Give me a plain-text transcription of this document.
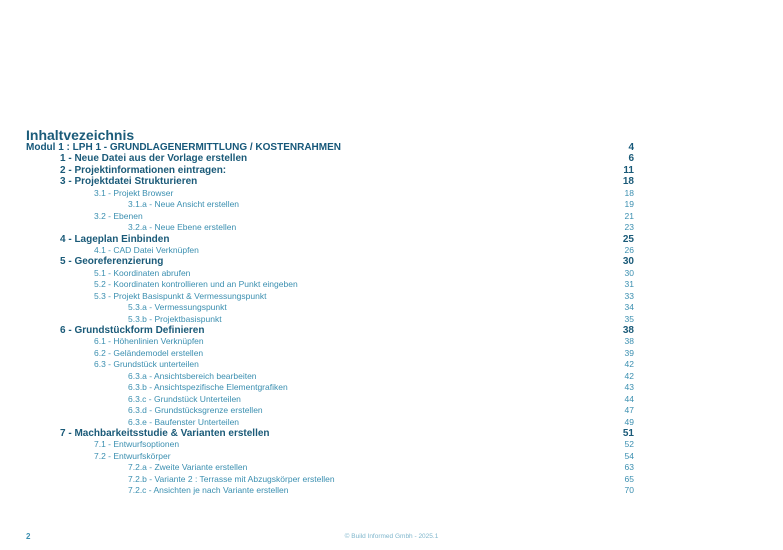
Inhaltvezeichnis
Modul 1 : LPH 1 - GRUNDLAGENERMITTLUNG / KOSTENRAHMEN	4
1 - Neue Datei aus der Vorlage erstellen	6
2 - Projektinformationen eintragen:	11
3 - Projektdatei Strukturieren	18
3.1 - Projekt Browser	18
3.1.a - Neue Ansicht erstellen	19
3.2 - Ebenen	21
3.2.a - Neue Ebene erstellen	23
4 - Lageplan Einbinden	25
4.1 - CAD Datei Verknüpfen	26
5 - Georeferenzierung	30
5.1 - Koordinaten abrufen	30
5.2 - Koordinaten kontrollieren und an Punkt eingeben	31
5.3 - Projekt Basispunkt & Vermessungspunkt	33
5.3.a - Vermessungspunkt	34
5.3.b - Projektbasispunkt	35
6 - Grundstückform Definieren	38
6.1 - Höhenlinien Verknüpfen	38
6.2 - Geländemodel erstellen	39
6.3 - Grundstück unterteilen	42
6.3.a - Ansichtsbereich bearbeiten	42
6.3.b - Ansichtspezifische Elementgrafiken	43
6.3.c - Grundstück Unterteilen	44
6.3.d - Grundstücksgrenze erstellen	47
6.3.e - Baufenster Unterteilen	49
7 - Machbarkeitsstudie & Varianten erstellen	51
7.1 - Entwurfsoptionen	52
7.2 - Entwurfskörper	54
7.2.a - Zweite Variante erstellen	63
7.2.b - Variante 2 : Terrasse mit Abzugskörper erstellen	65
7.2.c - Ansichten je nach Variante erstellen	70
2	© Build Informed Gmbh - 2025.1
